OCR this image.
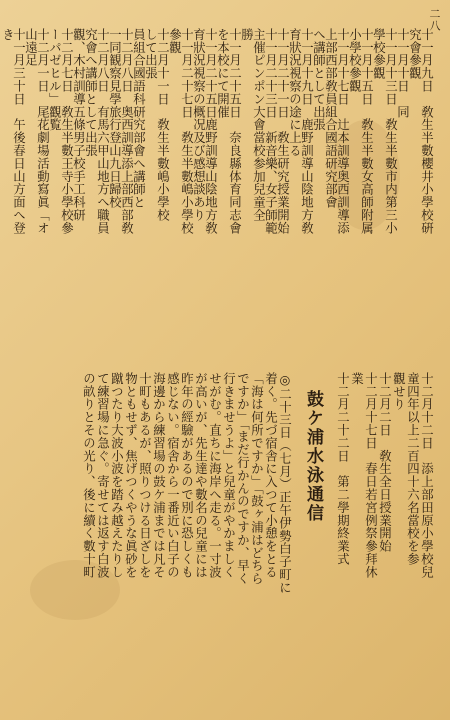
二八
十一月九日　敎生半數櫻井小學校硏
究會參觀
十一月十日　同
十一月十三日　敎生半數市内第三小
學校參觀
十一月十五日　敎生半數女高師附属
小學校參觀
十一月十七日　辻本訓導奥西訓導添
上部西部敎員組合國語研究部會
へ講師として出張
十一月十九日　鹿野訓導山陰地方敎
育狀況視察の途に上る
十一月二十一日　敎生研究授業開始
十一月二十三日　新音樂、女子師範
主催ピンポン大會當校参加兒童全
勝
十一月二十五日　奈良縣体育同志會
を本校にて開催
十一月二十五日鹿野訓導山陰地方敎
育狀況視察の概况及び感想談あり
十一月二十七日　敎生半數嶋小學校
參觀
十二月十一日　敎生半數嶋小學校
して出張
員組合國語科研究部會へ講師と
十二月八日　奥西訓導添上部西部敎
一同観察見學旅行登山九日歸校
十二月八日　有馬六甲山地方へ職員
究會へ講師として出張
觀、木村訓導五條男子校手工科研
十二月七日　敎生半數王寺小學校參
ーパゼヒル」觀覧
十二月一日　尾花劇場活動寫眞「オ
山遠足
十一月三十日　午後春日山方面へ登
き
十二月十二日　添上部田原小學校兒
童四年以上二百四十六名當校を参
觀せり
十二月二日　敎生全日授業開始
十二月十七日　春日若宮例祭參拜休
業
十二月二十二日　第二學期終業式
鼓ケ浦水泳通信
◎二十三日（七月）正午伊勢白子町に
着く。先づ宿舎に入つて小憩をとる
「海は何所ですか」「鼓ヶ浦はどちら
ですか」「まだ行かんのですか、早く
行きませうよ」と兒童がやかましく
せがむ。直ちに海岸へ走る。一寸波
が高いが、先生達や數名の兒童には
昨年の經驗があるので別に恐しくも
感じない。宿舎から一番近い白子の
海邊から練習場の鼓ケ浦までは凡そ
十町もあるが、照りつける日ざしを
物ともせず、焦げつくやうな眞砂を
蹴つたり大波小波を踏み越えたりし
て練習場に急ぐ。寄せては返す白波
の畝りとその光り、後に續く數十町
